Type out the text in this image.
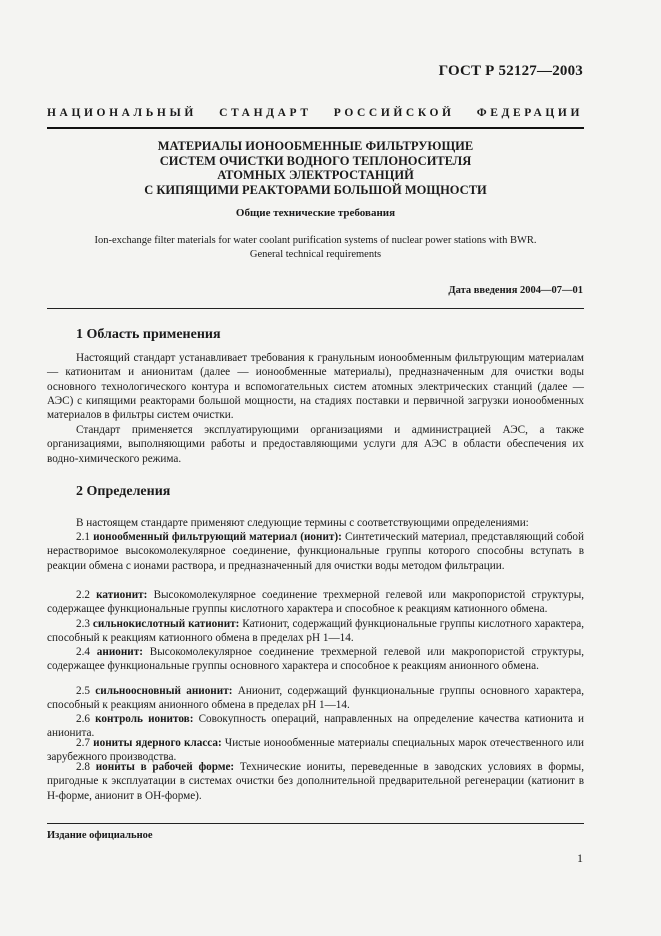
ГОСТ Р 52127—2003
НАЦИОНАЛЬНЫЙ СТАНДАРТ РОССИЙСКОЙ ФЕДЕРАЦИИ
МАТЕРИАЛЫ ИОНООБМЕННЫЕ ФИЛЬТРУЮЩИЕ
СИСТЕМ ОЧИСТКИ ВОДНОГО ТЕПЛОНОСИТЕЛЯ
АТОМНЫХ ЭЛЕКТРОСТАНЦИЙ
С КИПЯЩИМИ РЕАКТОРАМИ БОЛЬШОЙ МОЩНОСТИ
Общие технические требования
Ion-exchange filter materials for water coolant purification systems of nuclear power stations with BWR.
General technical requirements
Дата введения 2004—07—01
1 Область применения

Настоящий стандарт устанавливает требования к гранульным ионообменным фильтрующим материалам — катионитам и анионитам (далее — ионообменные материалы), предназначенным для очистки воды основного технологического контура и вспомогательных систем атомных электрических станций (далее — АЭС) с кипящими реакторами большой мощности, на стадиях поставки и первичной загрузки ионообменных материалов в фильтры систем очистки.

Стандарт применяется эксплуатирующими организациями и администрацией АЭС, а также организациями, выполняющими работы и предоставляющими услуги для АЭС в области обеспечения их водно-химического режима.

2 Определения

В настоящем стандарте применяют следующие термины с соответствующими определениями:

2.1 ионообменный фильтрующий материал (ионит): Синтетический материал, представляющий собой нерастворимое высокомолекулярное соединение, функциональные группы которого способны вступать в реакции обмена с ионами раствора, и предназначенный для очистки воды методом фильтрации.

2.2 катионит: Высокомолекулярное соединение трехмерной гелевой или макропористой структуры, содержащее функциональные группы кислотного характера и способное к реакциям катионного обмена.

2.3 сильнокислотный катионит: Катионит, содержащий функциональные группы кислотного характера, способный к реакциям катионного обмена в пределах рН 1—14.

2.4 анионит: Высокомолекулярное соединение трехмерной гелевой или макропористой структуры, содержащее функциональные группы основного характера и способное к реакциям анионного обмена.

2.5 сильноосновный анионит: Анионит, содержащий функциональные группы основного характера, способный к реакциям анионного обмена в пределах рН 1—14.

2.6 контроль ионитов: Совокупность операций, направленных на определение качества катионита и анионита.

2.7 иониты ядерного класса: Чистые ионообменные материалы специальных марок отечественного или зарубежного производства.

2.8 иониты в рабочей форме: Технические иониты, переведенные в заводских условиях в формы, пригодные к эксплуатации в системах очистки без дополнительной предварительной регенерации (катионит в Н-форме, анионит в ОН-форме).

Издание официальное
1
